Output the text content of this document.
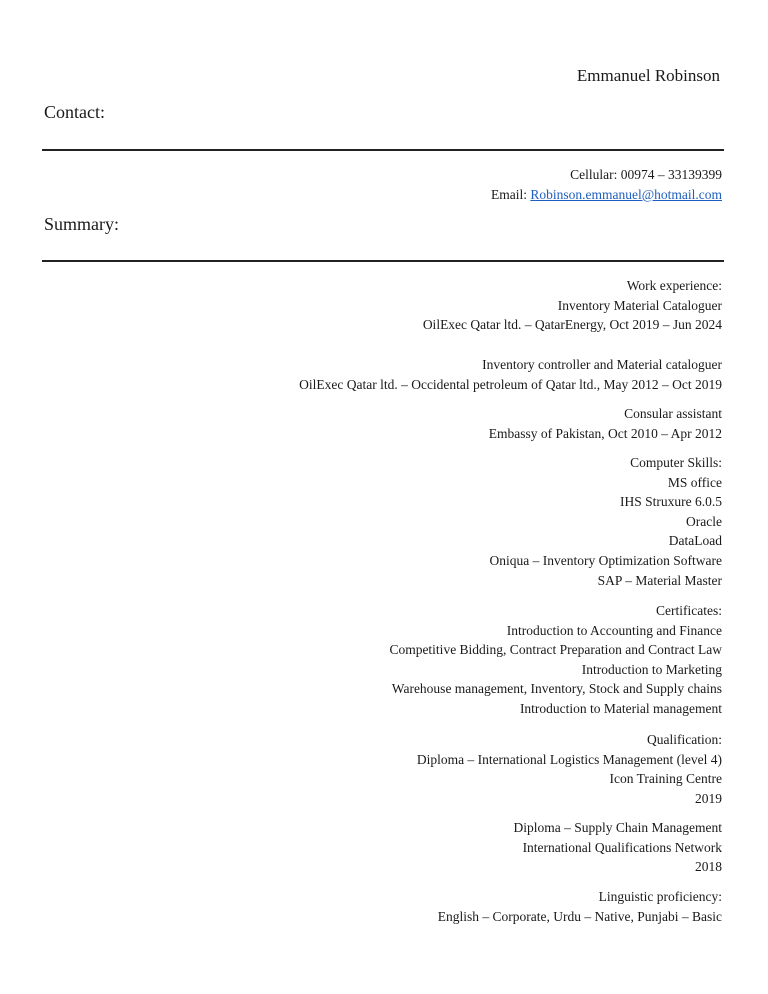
Emmanuel Robinson
Contact:
Cellular: 00974 – 33139399
Email: Robinson.emmanuel@hotmail.com
Summary:
Work experience:
Inventory Material Cataloguer
OilExec Qatar ltd. – QatarEnergy, Oct 2019 – Jun 2024
Inventory controller and Material cataloguer
OilExec Qatar ltd. – Occidental petroleum of Qatar ltd., May 2012 – Oct 2019
Consular assistant
Embassy of Pakistan, Oct 2010 – Apr 2012
Computer Skills:
MS office
IHS Struxure 6.0.5
Oracle
DataLoad
Oniqua – Inventory Optimization Software
SAP – Material Master
Certificates:
Introduction to Accounting and Finance
Competitive Bidding, Contract Preparation and Contract Law
Introduction to Marketing
Warehouse management, Inventory, Stock and Supply chains
Introduction to Material management
Qualification:
Diploma – International Logistics Management (level 4)
Icon Training Centre
2019
Diploma – Supply Chain Management
International Qualifications Network
2018
Linguistic proficiency:
English – Corporate, Urdu – Native, Punjabi – Basic
